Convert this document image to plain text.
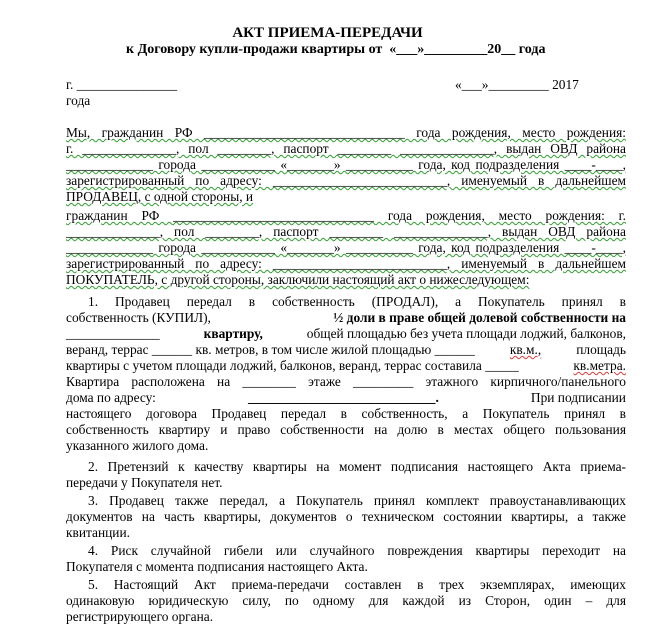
АКТ ПРИЕМА-ПЕРЕДАЧИ
к Договору купли-продажи квартиры от  «___»_________20__ года
г. _______________	«___»_________ 2017
года
Мы, гражданин РФ ______________________________ года рождения, место рождения:
г. ______________, пол ________, паспорт ________ ______________, выдан ОВД района
_____________ города ___________ «_______» __________ года, код подразделения ____-____,
зарегистрированный по адресу: __________________________, именуемый в дальнейшем
ПРОДАВЕЦ, с одной стороны, и
гражданин РФ ______________________________ года рождения, место рождения: г.
______________, пол ________, паспорт ________ ______________, выдан ОВД района
_____________ города ___________ «_______» __________ года, код подразделения ____-____,
зарегистрированный по адресу: __________________________, именуемый в дальнейшем
ПОКУПАТЕЛЬ, с другой стороны, заключили настоящий акт о нижеследующем:
1. Продавец передал в собственность (ПРОДАЛ), а Покупатель принял в
собственность (КУПИЛ),	½ доли в праве общей долевой собственности на
______________	квартиру,	общей площадью без учета площади лоджий, балконов,
веранд, террас ______ кв. метров, в том числе жилой площадью ______	кв.м.,	площадь
квартиры с учетом площади лоджий, балконов, веранд, террас составила _____	кв.метра.
Квартира расположена на ________ этаже _________ этажного кирпичного/панельного
дома по адресу:	____________________________.	При подписании
настоящего договора Продавец передал в собственность, а Покупатель принял в
собственность квартиру и право собственности на долю в местах общего пользования
указанного жилого дома.
2. Претензий к качеству квартиры на момент подписания настоящего Акта приема-
передачи у Покупателя нет.
3. Продавец также передал, а Покупатель принял комплект правоустанавливающих
документов на часть квартиры, документов о техническом состоянии квартиры, а также
квитанции.
4. Риск случайной гибели или случайного повреждения квартиры переходит на
Покупателя с момента подписания настоящего Акта.
5. Настоящий Акт приема-передачи составлен в трех экземплярах, имеющих
одинаковую юридическую силу, по одному для каждой из Сторон, один – для
регистрирующего органа.
